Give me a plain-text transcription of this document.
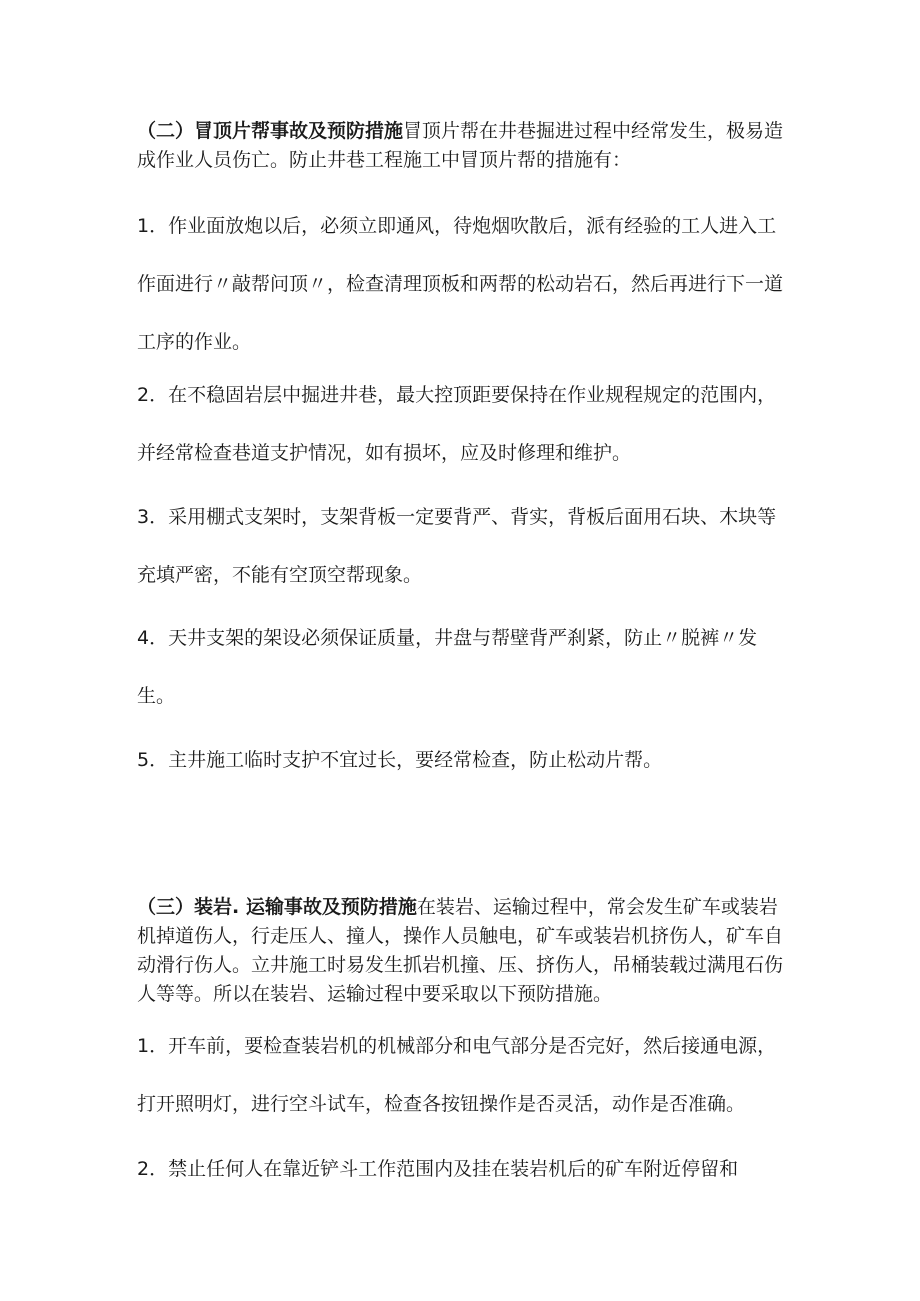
（二）冒顶片帮事故及预防措施冒顶片帮在井巷掘进过程中经常发生，极易造成作业人员伤亡。防止井巷工程施工中冒顶片帮的措施有：

1．作业面放炮以后，必须立即通风，待炮烟吹散后，派有经验的工人进入工作面进行〃敲帮问顶〃，检查清理顶板和两帮的松动岩石，然后再进行下一道工序的作业。

2．在不稳固岩层中掘进井巷，最大控顶距要保持在作业规程规定的范围内，并经常检查巷道支护情况，如有损坏，应及时修理和维护。

3．采用棚式支架时，支架背板一定要背严、背实，背板后面用石块、木块等充填严密，不能有空顶空帮现象。

4．天井支架的架设必须保证质量，井盘与帮壁背严刹紧，防止〃脱裤〃发生。

5．主井施工临时支护不宜过长，要经常检查，防止松动片帮。

（三）装岩. 运输事故及预防措施在装岩、运输过程中，常会发生矿车或装岩机掉道伤人，行走压人、撞人，操作人员触电，矿车或装岩机挤伤人，矿车自动滑行伤人。立井施工时易发生抓岩机撞、压、挤伤人，吊桶装载过满甩石伤人等等。所以在装岩、运输过程中要采取以下预防措施。

1．开车前，要检查装岩机的机械部分和电气部分是否完好，然后接通电源，打开照明灯，进行空斗试车，检查各按钮操作是否灵活，动作是否准确。

2．禁止任何人在靠近铲斗工作范围内及挂在装岩机后的矿车附近停留和
